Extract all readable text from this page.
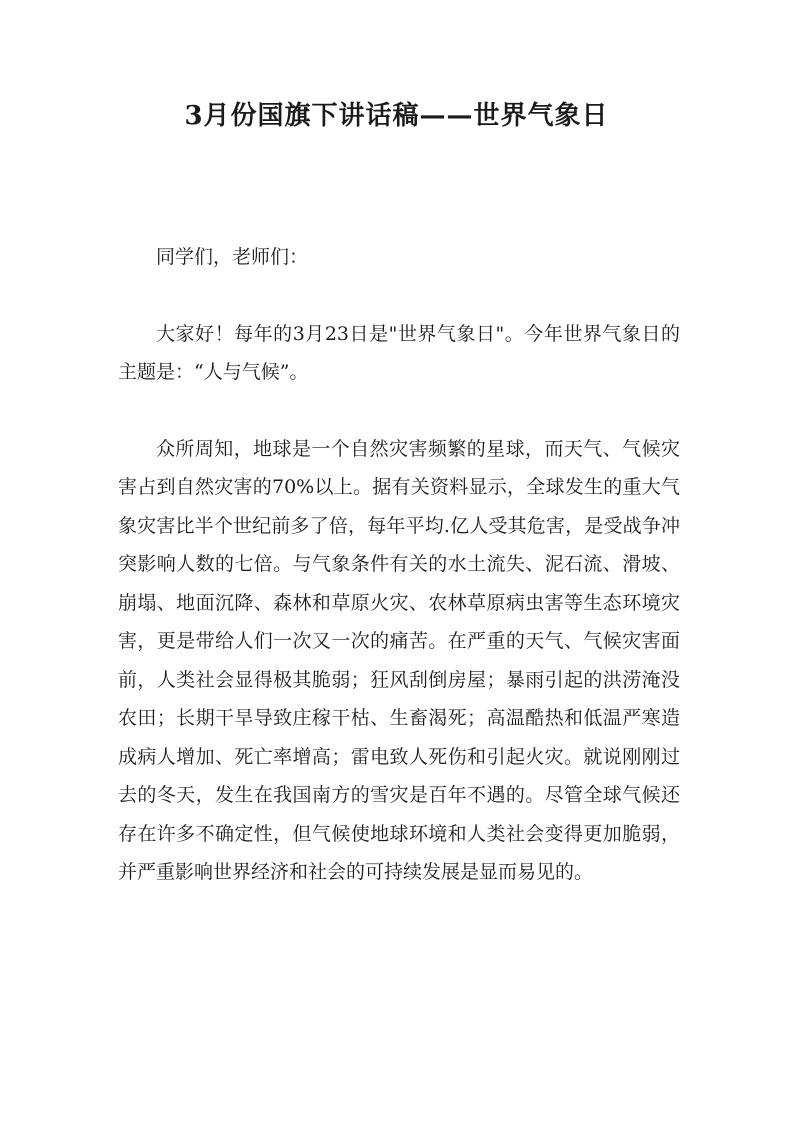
3月份国旗下讲话稿——世界气象日

同学们，老师们：

大家好！每年的3月23日是"世界气象日"。今年世界气象日的主题是：“人与气候”。

众所周知，地球是一个自然灾害频繁的星球，而天气、气候灾害占到自然灾害的70%以上。据有关资料显示，全球发生的重大气象灾害比半个世纪前多了倍，每年平均.亿人受其危害，是受战争冲突影响人数的七倍。与气象条件有关的水土流失、泥石流、滑坡、崩塌、地面沉降、森林和草原火灾、农林草原病虫害等生态环境灾害，更是带给人们一次又一次的痛苦。在严重的天气、气候灾害面前，人类社会显得极其脆弱；狂风刮倒房屋；暴雨引起的洪涝淹没农田；长期干旱导致庄稼干枯、生畜渴死；高温酷热和低温严寒造成病人增加、死亡率增高；雷电致人死伤和引起火灾。就说刚刚过去的冬天，发生在我国南方的雪灾是百年不遇的。尽管全球气候还存在许多不确定性，但气候使地球环境和人类社会变得更加脆弱，并严重影响世界经济和社会的可持续发展是显而易见的。
